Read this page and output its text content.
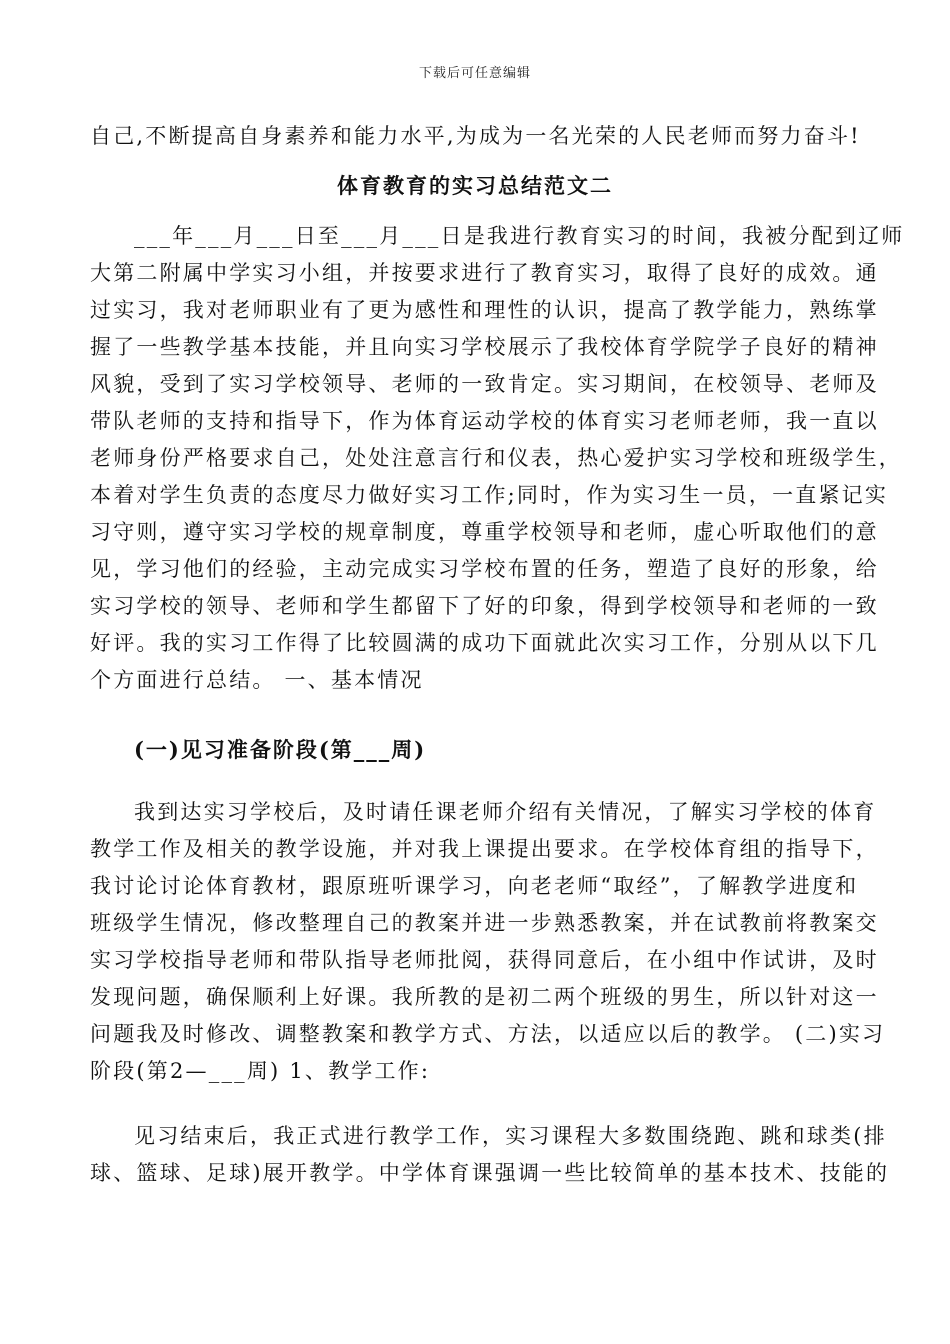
下载后可任意编辑
自己,不断提高自身素养和能力水平,为成为一名光荣的人民老师而努力奋斗!
体育教育的实习总结范文二
___年___月___日至___月___日是我进行教育实习的时间，我被分配到辽师
大第二附属中学实习小组，并按要求进行了教育实习，取得了良好的成效。通
过实习，我对老师职业有了更为感性和理性的认识，提高了教学能力，熟练掌
握了一些教学基本技能，并且向实习学校展示了我校体育学院学子良好的精神
风貌，受到了实习学校领导、老师的一致肯定。实习期间，在校领导、老师及
带队老师的支持和指导下，作为体育运动学校的体育实习老师老师，我一直以
老师身份严格要求自己，处处注意言行和仪表，热心爱护实习学校和班级学生，
本着对学生负责的态度尽力做好实习工作;同时，作为实习生一员，一直紧记实
习守则，遵守实习学校的规章制度，尊重学校领导和老师，虚心听取他们的意
见，学习他们的经验，主动完成实习学校布置的任务，塑造了良好的形象，给
实习学校的领导、老师和学生都留下了好的印象，得到学校领导和老师的一致
好评。我的实习工作得了比较圆满的成功下面就此次实习工作，分别从以下几
个方面进行总结。 一、基本情况
(一)见习准备阶段(第___周)
我到达实习学校后，及时请任课老师介绍有关情况，了解实习学校的体育
教学工作及相关的教学设施，并对我上课提出要求。在学校体育组的指导下，
我讨论讨论体育教材，跟原班听课学习，向老老师“取经”，了解教学进度和
班级学生情况，修改整理自己的教案并进一步熟悉教案，并在试教前将教案交
实习学校指导老师和带队指导老师批阅，获得同意后，在小组中作试讲，及时
发现问题，确保顺利上好课。我所教的是初二两个班级的男生，所以针对这一
问题我及时修改、调整教案和教学方式、方法，以适应以后的教学。 (二)实习
阶段(第2—___周) 1、教学工作:
见习结束后，我正式进行教学工作，实习课程大多数围绕跑、跳和球类(排
球、篮球、足球)展开教学。中学体育课强调一些比较简单的基本技术、技能的
